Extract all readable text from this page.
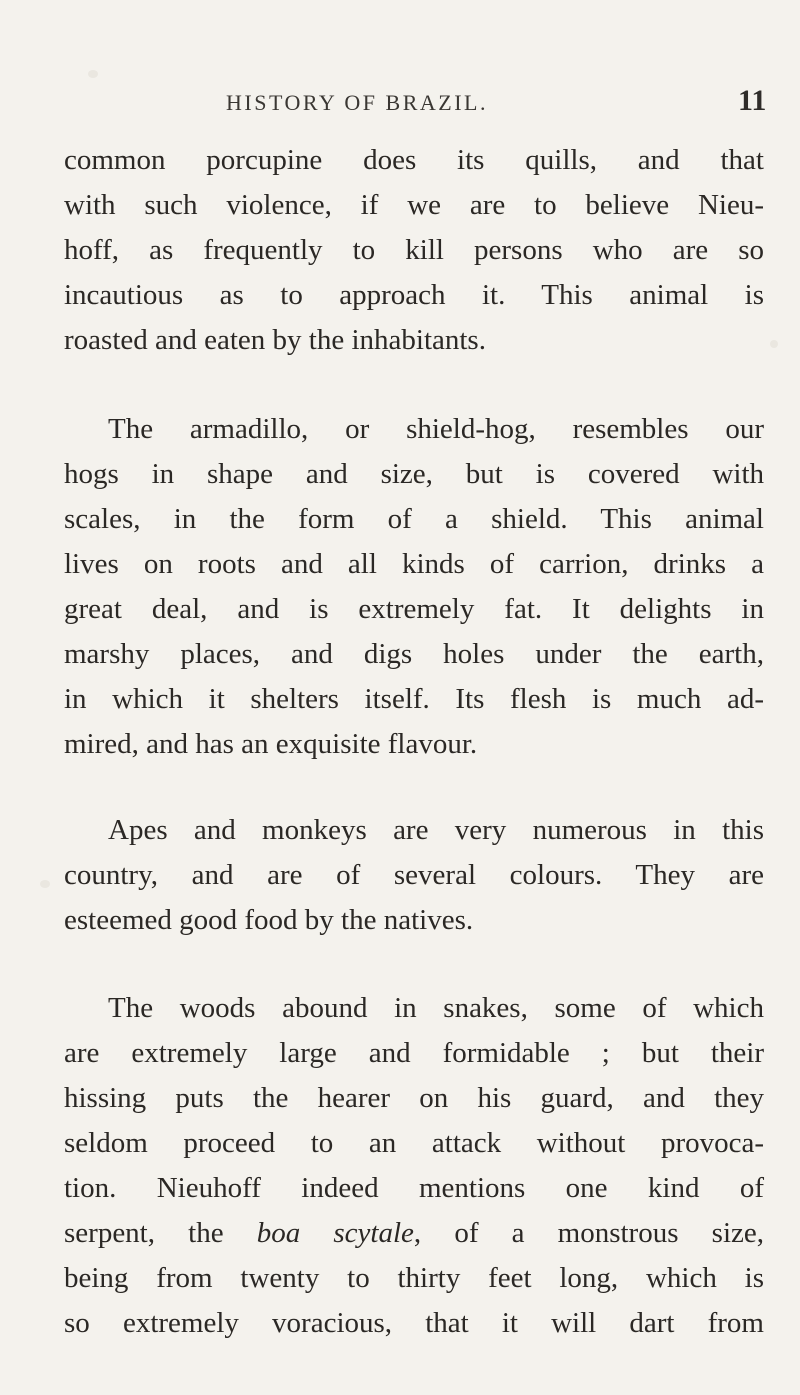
HISTORY OF BRAZIL.	11

common porcupine does its quills, and that
with such violence, if we are to believe Nieu-
hoff, as frequently to kill persons who are so
incautious as to approach it. This animal is
roasted and eaten by the inhabitants.

The armadillo, or shield-hog, resembles our
hogs in shape and size, but is covered with
scales, in the form of a shield. This animal
lives on roots and all kinds of carrion, drinks a
great deal, and is extremely fat. It delights in
marshy places, and digs holes under the earth,
in which it shelters itself. Its flesh is much ad-
mired, and has an exquisite flavour.

Apes and monkeys are very numerous in this
country, and are of several colours. They are
esteemed good food by the natives.

The woods abound in snakes, some of which
are extremely large and formidable ; but their
hissing puts the hearer on his guard, and they
seldom proceed to an attack without provoca-
tion. Nieuhoff indeed mentions one kind of
serpent, the boa scytale, of a monstrous size,
being from twenty to thirty feet long, which is
so extremely voracious, that it will dart from
